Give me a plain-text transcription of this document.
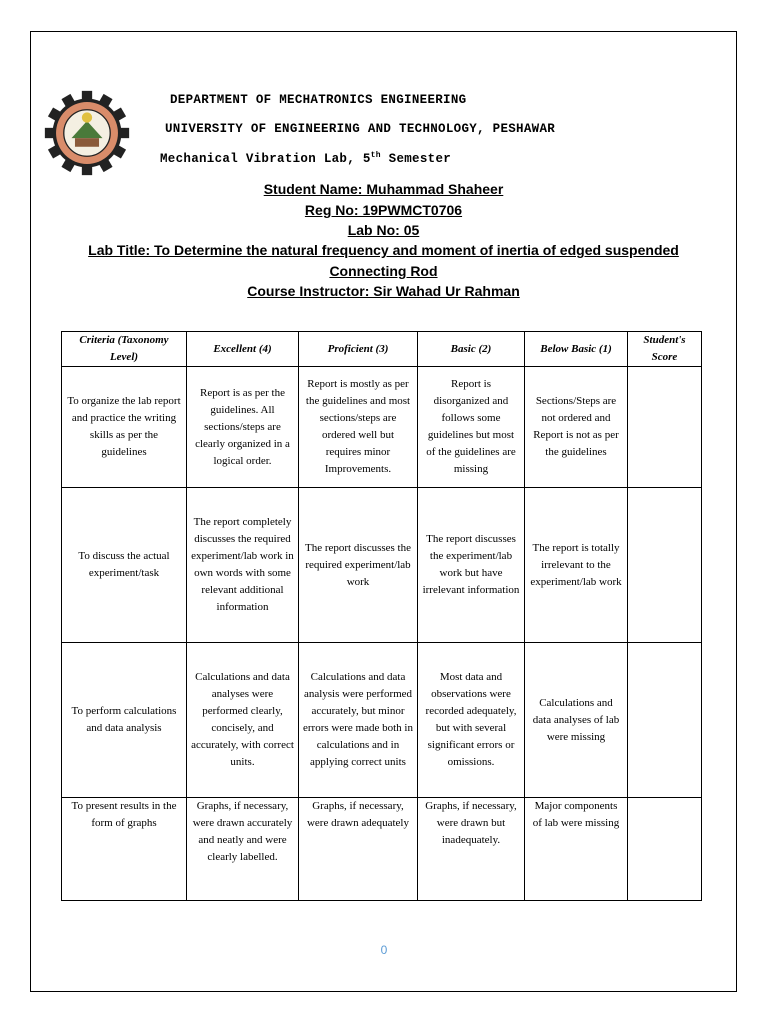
DEPARTMENT OF MECHATRONICS ENGINEERING
UNIVERSITY OF ENGINEERING AND TECHNOLOGY, PESHAWAR
Mechanical Vibration Lab, 5th Semester
Student Name: Muhammad Shaheer
Reg No: 19PWMCT0706
Lab No: 05
Lab Title: To Determine the natural frequency and moment of inertia of edged suspended
Connecting Rod
Course Instructor: Sir Wahad Ur Rahman
Criteria (Taxonomy Level)	Excellent (4)	Proficient (3)	Basic (2)	Below Basic (1)	Student's Score
To organize the lab report and practice the writing skills as per the guidelines	Report is as per the guidelines. All sections/steps are clearly organized in a logical order.	Report is mostly as per the guidelines and most sections/steps are ordered well but requires minor Improvements.	Report is disorganized and follows some guidelines but most of the guidelines are missing	Sections/Steps are not ordered and Report is not as per the guidelines	
To discuss the actual experiment/task	The report completely discusses the required experiment/lab work in own words with some relevant additional information	The report discusses the required experiment/lab work	The report discusses the experiment/lab work but have irrelevant information	The report is totally irrelevant to the experiment/lab work	
To perform calculations and data analysis	Calculations and data analyses were performed clearly, concisely, and accurately, with correct units.	Calculations and data analysis were performed accurately, but minor errors were made both in calculations and in applying correct units	Most data and observations were recorded adequately, but with several significant errors or omissions.	Calculations and data analyses of lab were missing	
To present results in the form of graphs	Graphs, if necessary, were drawn accurately and neatly and were clearly labelled.	Graphs, if necessary, were drawn adequately	Graphs, if necessary, were drawn but inadequately.	Major components of lab were missing	
0
